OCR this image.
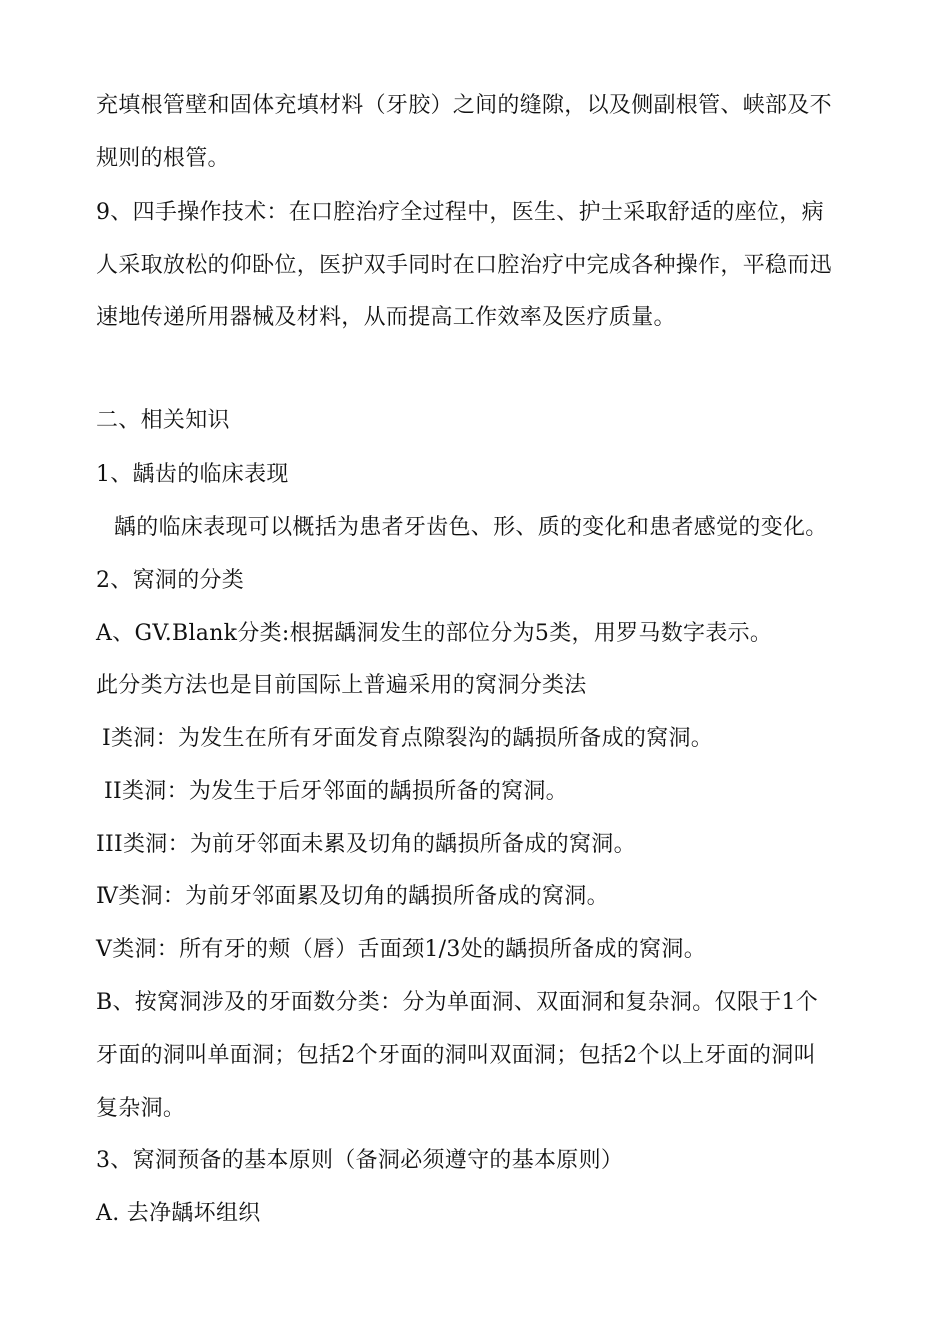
充填根管壁和固体充填材料（牙胶）之间的缝隙，以及侧副根管、峡部及不
规则的根管。
9、四手操作技术：在口腔治疗全过程中，医生、护士采取舒适的座位，病
人采取放松的仰卧位，医护双手同时在口腔治疗中完成各种操作，平稳而迅
速地传递所用器械及材料，从而提高工作效率及医疗质量。
二、相关知识
1、龋齿的临床表现
龋的临床表现可以概括为患者牙齿色、形、质的变化和患者感觉的变化。
2、窝洞的分类
A、GV.Blank分类:根据龋洞发生的部位分为5类，用罗马数字表示。
此分类方法也是目前国际上普遍采用的窝洞分类法
Ⅰ类洞：为发生在所有牙面发育点隙裂沟的龋损所备成的窝洞。
II类洞：为发生于后牙邻面的龋损所备的窝洞。
III类洞：为前牙邻面未累及切角的龋损所备成的窝洞。
Ⅳ类洞：为前牙邻面累及切角的龋损所备成的窝洞。
Ⅴ类洞：所有牙的颊（唇）舌面颈1/3处的龋损所备成的窝洞。
B、按窝洞涉及的牙面数分类：分为单面洞、双面洞和复杂洞。仅限于1个
牙面的洞叫单面洞；包括2个牙面的洞叫双面洞；包括2个以上牙面的洞叫
复杂洞。
3、窝洞预备的基本原则（备洞必须遵守的基本原则）
A. 去净龋坏组织
